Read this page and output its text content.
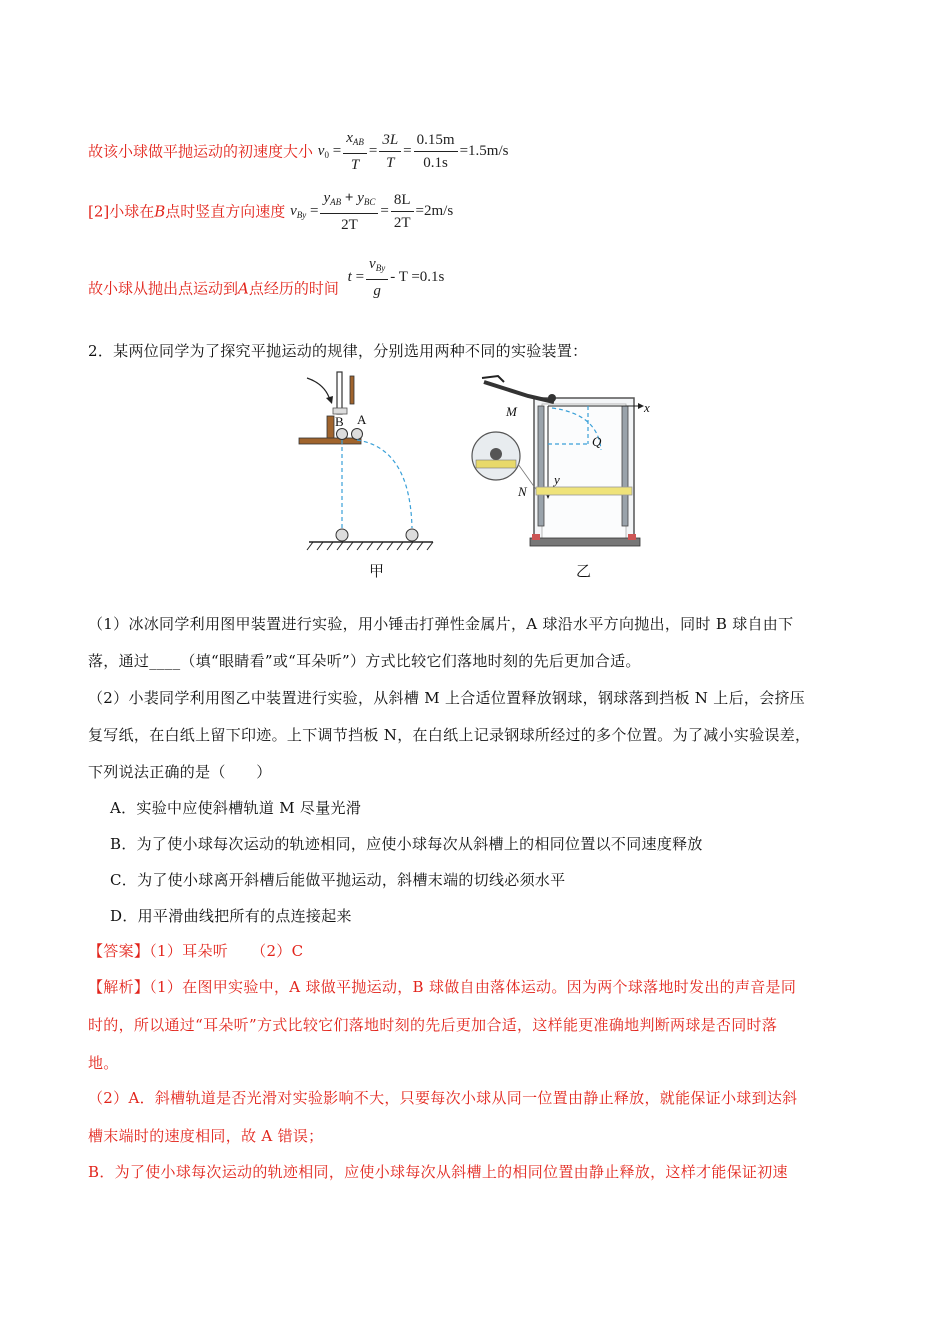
故该小球做平抛运动的初速度大小 $v_0 = \frac{x_{AB}}{T} = \frac{3L}{T} = \frac{0.15m}{0.1s} =1.5m/s$
[2]小球在B点时竖直方向速度 $v_{By} = \frac{y_{AB} + y_{BC}}{2T} = \frac{8L}{2T} =2m/s$
故小球从抛出点运动到A点经历的时间 $t = \frac{v_{By}}{g} - T =0.1s$
2．某两位同学为了探究平抛运动的规律，分别选用两种不同的实验装置：
B A
甲
M	x
y
Q
N
乙
（1）冰冰同学利用图甲装置进行实验，用小锤击打弹性金属片，A 球沿水平方向抛出，同时 B 球自由下
落，通过____（填“眼睛看”或“耳朵听”）方式比较它们落地时刻的先后更加合适。
（2）小裴同学利用图乙中装置进行实验，从斜槽 M 上合适位置释放钢球，钢球落到挡板 N 上后，会挤压
复写纸，在白纸上留下印迹。上下调节挡板 N，在白纸上记录钢球所经过的多个位置。为了减小实验误差，
下列说法正确的是（　　）
A．实验中应使斜槽轨道 M 尽量光滑
B．为了使小球每次运动的轨迹相同，应使小球每次从斜槽上的相同位置以不同速度释放
C．为了使小球离开斜槽后能做平抛运动，斜槽末端的切线必须水平
D．用平滑曲线把所有的点连接起来
【答案】（1）耳朵听　　（2）C
【解析】（1）在图甲实验中，A 球做平抛运动，B 球做自由落体运动。因为两个球落地时发出的声音是同
时的，所以通过“耳朵听”方式比较它们落地时刻的先后更加合适，这样能更准确地判断两球是否同时落
地。
（2）A．斜槽轨道是否光滑对实验影响不大，只要每次小球从同一位置由静止释放，就能保证小球到达斜
槽末端时的速度相同，故 A 错误；
B．为了使小球每次运动的轨迹相同，应使小球每次从斜槽上的相同位置由静止释放，这样才能保证初速
